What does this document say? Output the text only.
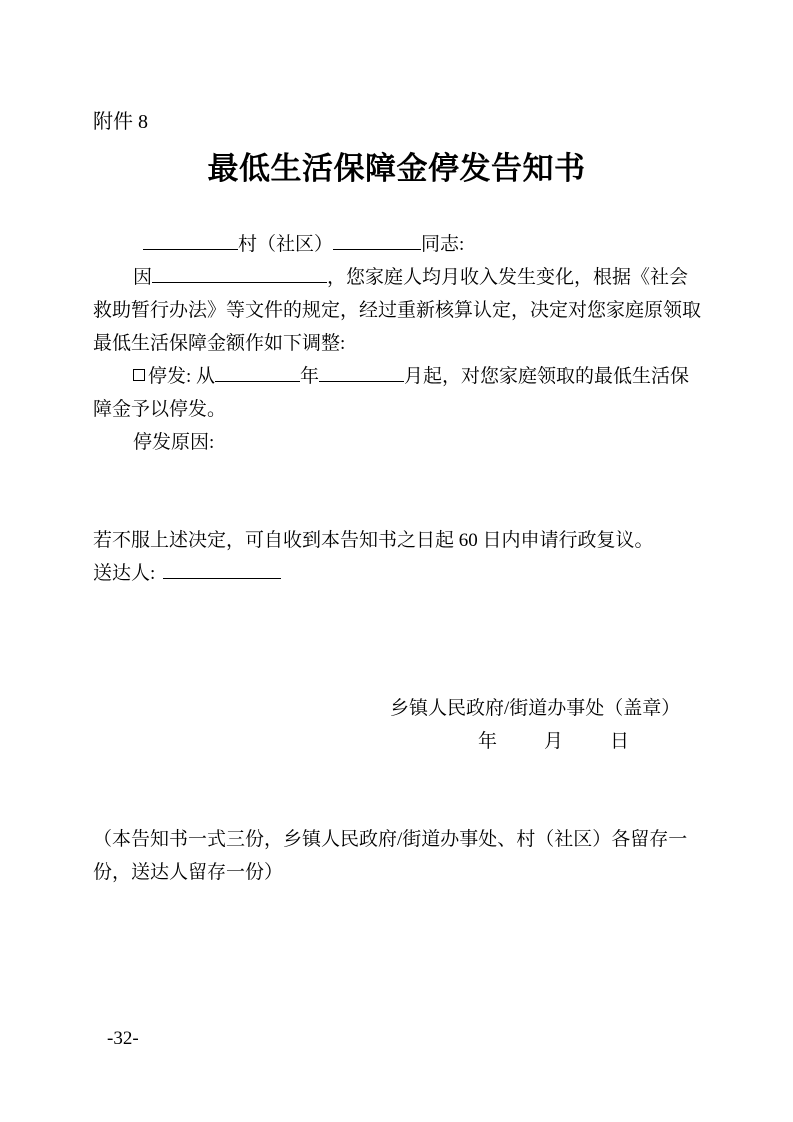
附件 8
最低生活保障金停发告知书
村（社区）	同志:
因	，您家庭人均月收入发生变化，根据《社会
救助暂行办法》等文件的规定，经过重新核算认定，决定对您家庭原领取
最低生活保障金额作如下调整:
停发: 从	年	月起，对您家庭领取的最低生活保
障金予以停发。
停发原因:
若不服上述决定，可自收到本告知书之日起 60 日内申请行政复议。
送达人:
乡镇人民政府/街道办事处（盖章）
年 月 日
（本告知书一式三份，乡镇人民政府/街道办事处、村（社区）各留存一
份，送达人留存一份）
-32-
